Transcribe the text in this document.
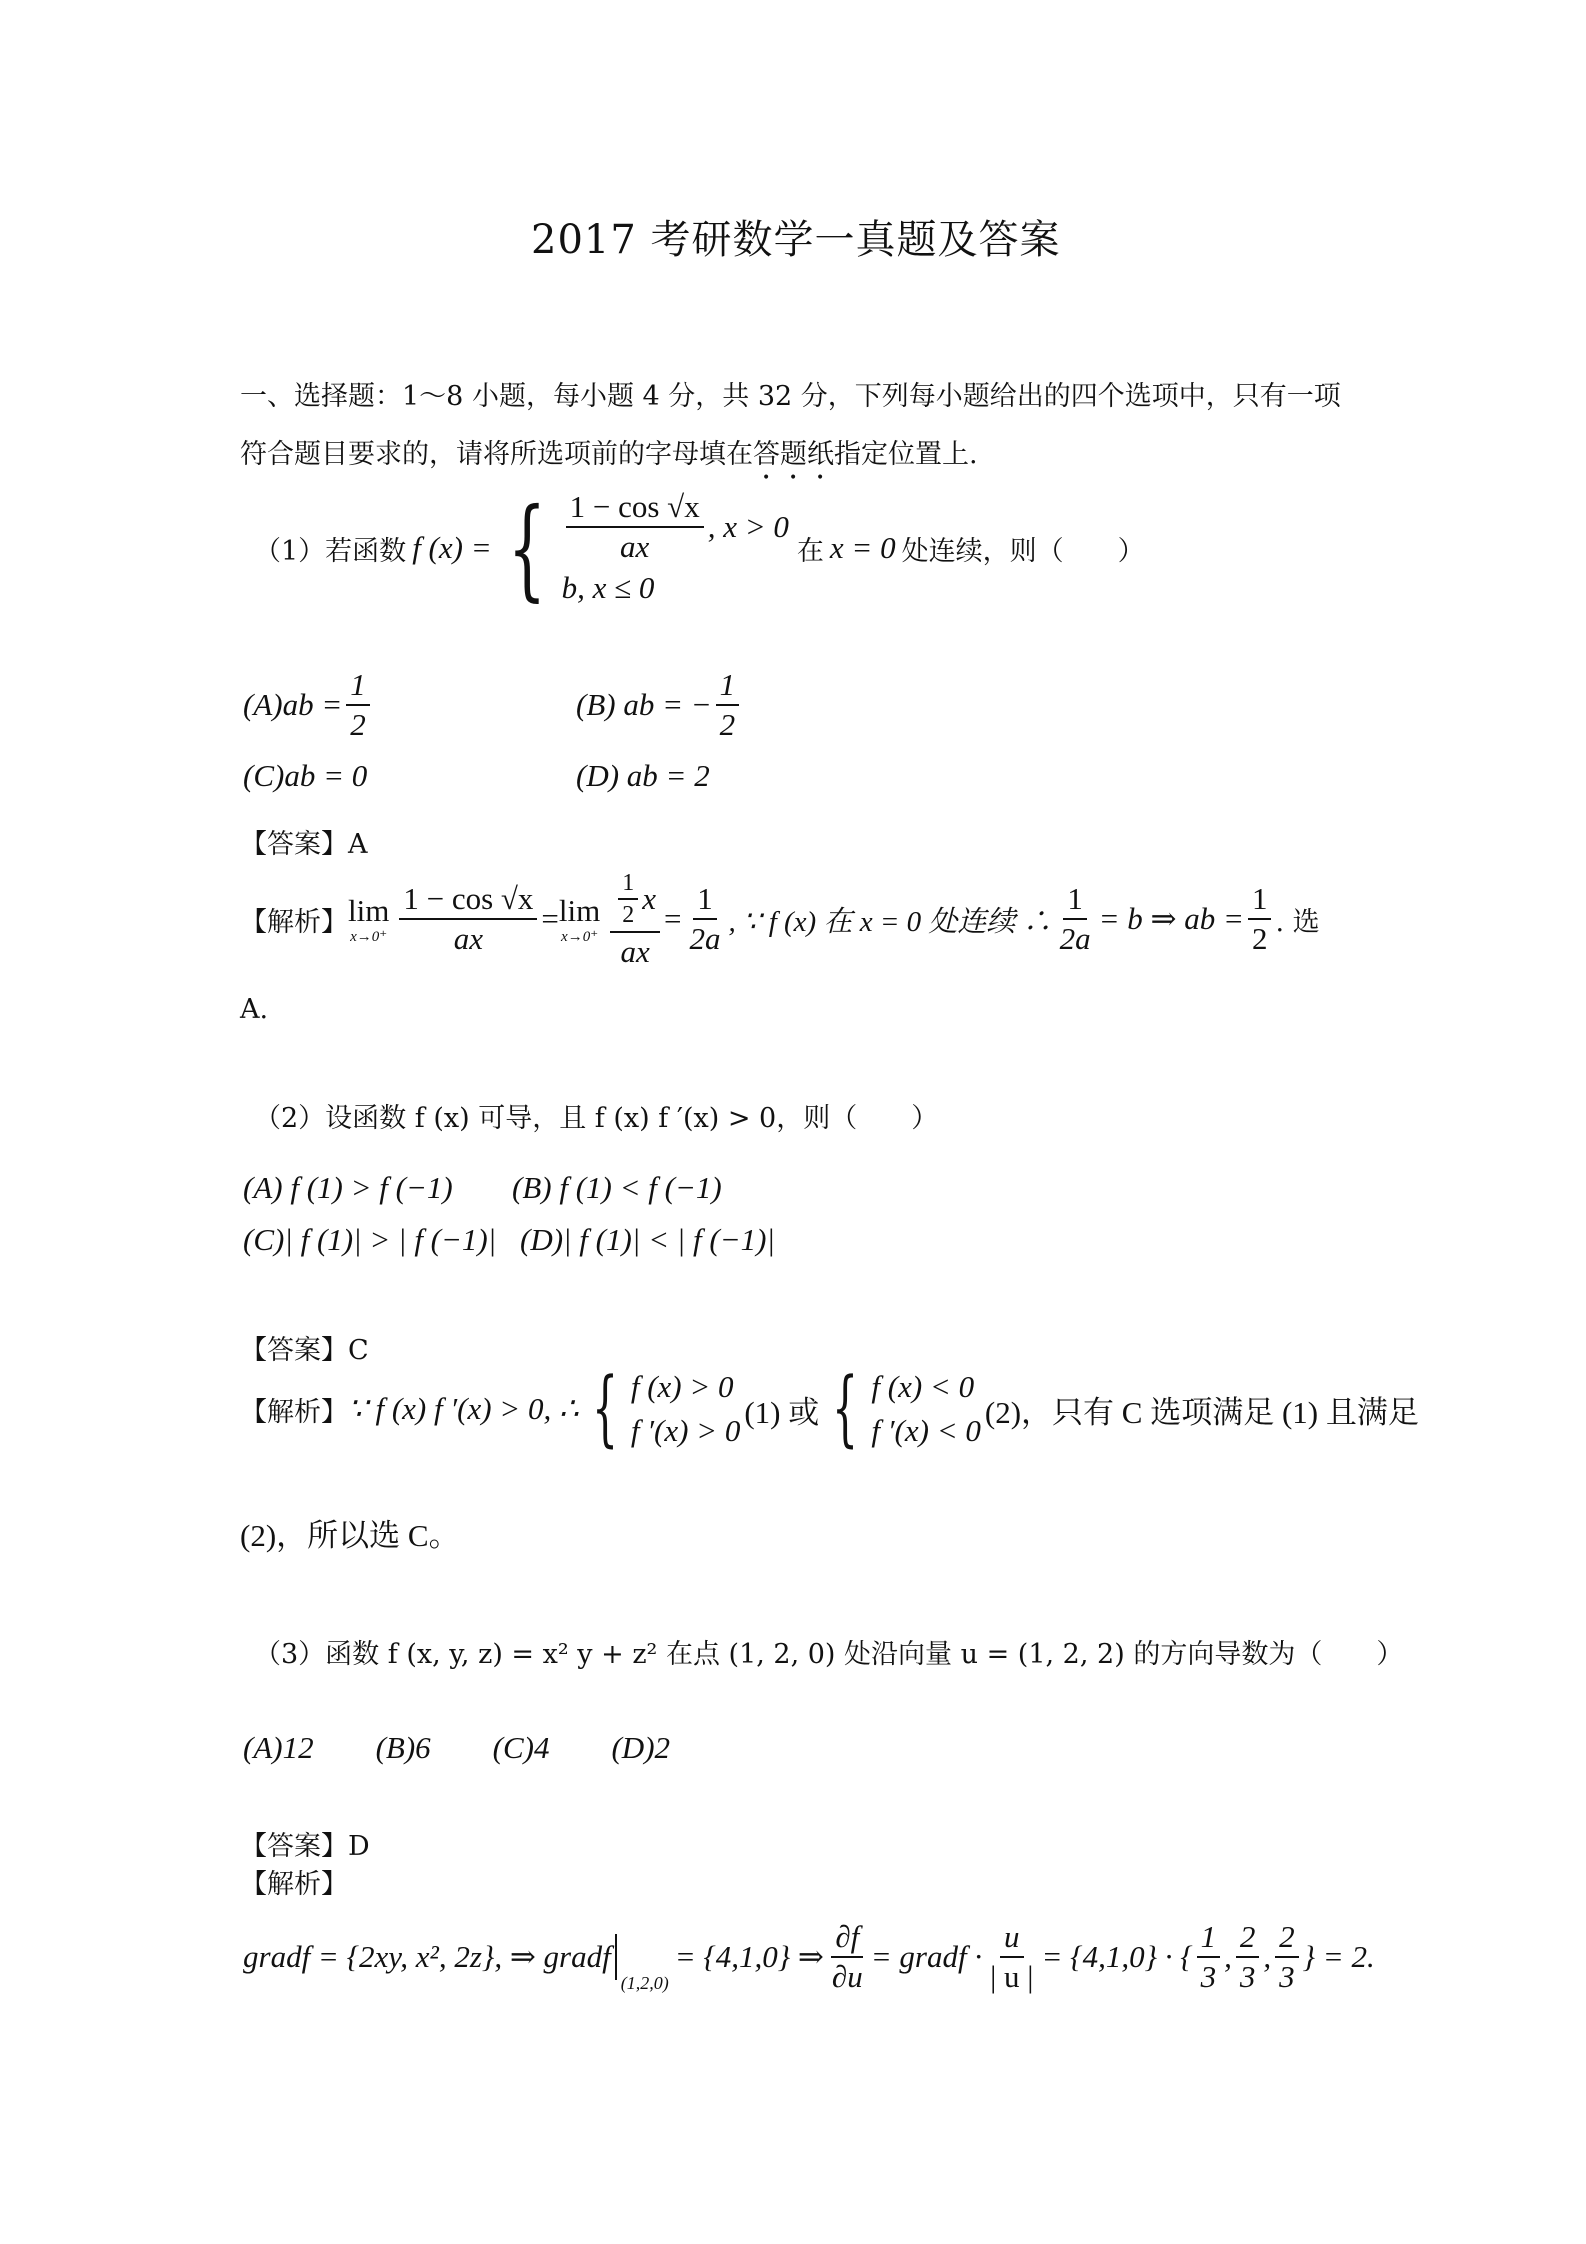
2017 考研数学一真题及答案
一、选择题：1～8 小题，每小题 4 分，共 32 分，下列每小题给出的四个选项中，只有一项
符合题目要求的，请将所选项前的字母填在答题纸指定位置上.
（1）若函数 f (x) = { $\frac{1 - \cos √x}{ax}$ , x > 0
b, x ≤ 0
在 x = 0 处连续，则（　　）
$(A)ab = \frac{1}{2}$	(B) ab = − $\frac{1}{2}$
(C)ab = 0	(D) ab = 2
【答案】A
【解析】 lim
$x\to 0^+ \frac{1 - \cos √x}{ax} = \lim$
$x\to 0^+ \frac{\frac{1}{2} x}{ax} = \frac{1}{2a}$ , ∵ f (x) 在 x = 0 处连续 ∴ $\frac{1}{2a} = b$ ⇒ ab = $\frac{1}{2}$ . 选
A.
（2）设函数 f (x) 可导，且 f (x) f ′(x) > 0，则（　　）
(A) f (1) > f (−1) (B) f (1) < f (−1)
(C)| f (1)| > | f (−1)| (D)| f (1)| < | f (−1)|
【答案】C
【解析】 ∵ f (x) f ′(x) > 0, ∴ { f (x) > 0
f ′(x) > 0
(1) 或 { f (x) < 0
f ′(x) < 0
(2)，只有 C 选项满足 (1) 且满足
(2)，所以选 C。
（3）函数 f (x, y, z) = x² y + z² 在点 (1, 2, 0) 处沿向量 u = (1, 2, 2) 的方向导数为（　　）
(A)12　　(B)6　　(C)4　　(D)2
【答案】D
【解析】
gradf = {2xy, x², 2z}, ⇒ gradf
(1,2,0)
= {4,1,0} ⇒ $\frac{\partial f}{\partial u}$ = gradf · $\frac{u}{| u |} = \{4,1,0\}$ · { $\frac{1}{3}$ , $\frac{2}{3}$ , $\frac{2}{3}$ } = 2.
